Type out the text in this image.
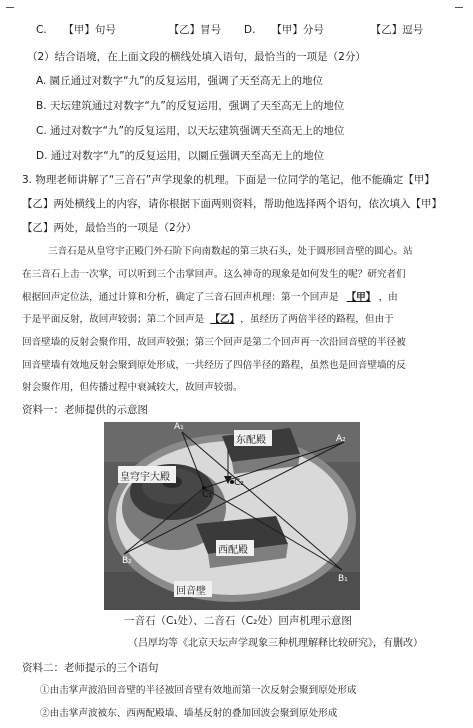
C. 【甲】句号	【乙】冒号 D. 【甲】分号	【乙】逗号
（2）结合语境，在上面文段的横线处填入语句，最恰当的一项是（2分）
A. 圜丘通过对数字“九”的反复运用，强调了天至高无上的地位
B. 天坛建筑通过对数字“九”的反复运用，强调了天至高无上的地位
C. 通过对数字“九”的反复运用，以天坛建筑强调天至高无上的地位
D. 通过对数字“九”的反复运用，以圜丘强调天至高无上的地位
3. 物理老师讲解了“三音石”声学现象的机理。下面是一位同学的笔记，他不能确定【甲】
【乙】两处横线上的内容，请你根据下面两则资料，帮助他选择两个语句，依次填入【甲】
【乙】两处，最恰当的一项是（2分）
三音石是从皇穹宇正殿门外石阶下向南数起的第三块石头，处于圆形回音壁的圆心。站
在三音石上击一次掌，可以听到三个击掌回声。这么神奇的现象是如何发生的呢？研究者们
根据回声定位法，通过计算和分析，确定了三音石回声机理：第一个回声是 【甲】 ，由
于是平面反射，故回声较弱；第二个回声是 【乙】 ，虽经历了两倍半径的路程，但由于
回音壁墙的反射会聚作用，故回声较强；第三个回声是第二个回声再一次沿回音壁的半径被
回音壁墙有效地反射会聚到原处形成，一共经历了四倍半径的路程，虽然也是回音壁墙的反
射会聚作用，但传播过程中衰减较大，故回声较弱。
资料一：老师提供的示意图
东配殿
皇穹宇大殿
西配殿
回音壁
A₁
A₂
B₁
B₂
C₁
C₂
一音石（C₁处）、二音石（C₂处）回声机理示意图
（吕厚均等《北京天坛声学现象三种机理解释比较研究》，有删改）
资料二：老师提示的三个语句
①由击掌声波沿回音壁的半径被回音壁有效地而第一次反射会聚到原处形成
②由击掌声波被东、西两配殿墙、墙基反射的叠加回波会聚到原处形成
